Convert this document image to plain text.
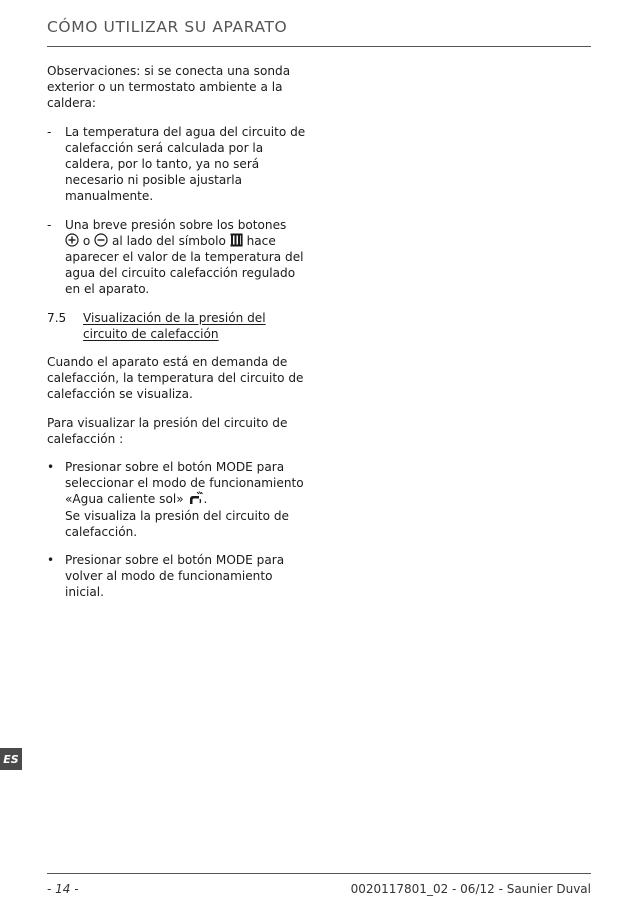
CÓMO UTILIZAR SU APARATO

Observaciones: si se conecta una sonda exterior o un termostato ambiente a la caldera:

- La temperatura del agua del circuito de calefacción será calculada por la caldera, por lo tanto, ya no será necesario ni posible ajustarla manualmente.
- Una breve presión sobre los botones
o al lado del símbolo hace aparecer el valor de la temperatura del agua del circuito calefacción regulado en el aparato.
7.5 Visualización de la presión del circuito de calefacción

Cuando el aparato está en demanda de calefacción, la temperatura del circuito de calefacción se visualiza.

Para visualizar la presión del circuito de calefacción :

• Presionar sobre el botón MODE para seleccionar el modo de funcionamiento «Agua caliente sol» .
Se visualiza la presión del circuito de calefacción.
• Presionar sobre el botón MODE para volver al modo de funcionamiento inicial.
ES
- 14 -	0020117801_02 - 06/12 - Saunier Duval
